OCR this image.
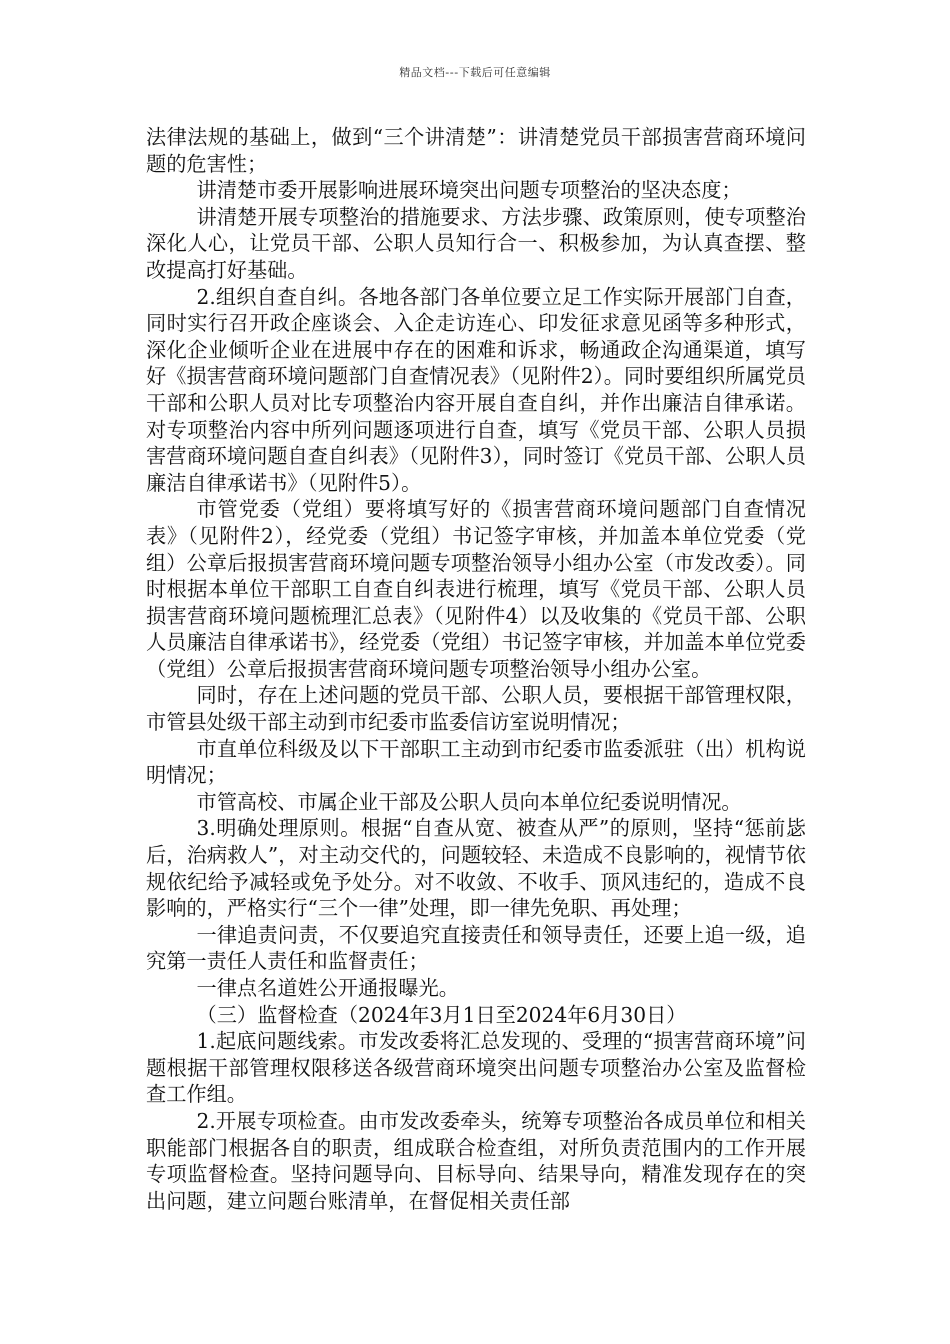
精品文档---下载后可任意编辑

法律法规的基础上，做到“三个讲清楚”：讲清楚党员干部损害营商环境问题的危害性；

讲清楚市委开展影响进展环境突出问题专项整治的坚决态度；

讲清楚开展专项整治的措施要求、方法步骤、政策原则，使专项整治深化人心，让党员干部、公职人员知行合一、积极参加，为认真查摆、整改提高打好基础。

2.组织自查自纠。各地各部门各单位要立足工作实际开展部门自查，同时实行召开政企座谈会、入企走访连心、印发征求意见函等多种形式，深化企业倾听企业在进展中存在的困难和诉求，畅通政企沟通渠道，填写好《损害营商环境问题部门自查情况表》（见附件2）。同时要组织所属党员干部和公职人员对比专项整治内容开展自查自纠，并作出廉洁自律承诺。对专项整治内容中所列问题逐项进行自查，填写《党员干部、公职人员损害营商环境问题自查自纠表》（见附件3），同时签订《党员干部、公职人员廉洁自律承诺书》（见附件5）。

市管党委（党组）要将填写好的《损害营商环境问题部门自查情况表》（见附件2），经党委（党组）书记签字审核，并加盖本单位党委（党组）公章后报损害营商环境问题专项整治领导小组办公室（市发改委）。同时根据本单位干部职工自查自纠表进行梳理，填写《党员干部、公职人员损害营商环境问题梳理汇总表》（见附件4）以及收集的《党员干部、公职人员廉洁自律承诺书》，经党委（党组）书记签字审核，并加盖本单位党委（党组）公章后报损害营商环境问题专项整治领导小组办公室。

同时，存在上述问题的党员干部、公职人员，要根据干部管理权限，市管县处级干部主动到市纪委市监委信访室说明情况；

市直单位科级及以下干部职工主动到市纪委市监委派驻（出）机构说明情况；

市管高校、市属企业干部及公职人员向本单位纪委说明情况。

3.明确处理原则。根据“自查从宽、被查从严”的原则，坚持“惩前毖后，治病救人”，对主动交代的，问题较轻、未造成不良影响的，视情节依规依纪给予减轻或免予处分。对不收敛、不收手、顶风违纪的，造成不良影响的，严格实行“三个一律”处理，即一律先免职、再处理；

一律追责问责，不仅要追究直接责任和领导责任，还要上追一级，追究第一责任人责任和监督责任；

一律点名道姓公开通报曝光。

（三）监督检查（2024年3月1日至2024年6月30日）

1.起底问题线索。市发改委将汇总发现的、受理的“损害营商环境”问题根据干部管理权限移送各级营商环境突出问题专项整治办公室及监督检查工作组。

2.开展专项检查。由市发改委牵头，统筹专项整治各成员单位和相关职能部门根据各自的职责，组成联合检查组，对所负责范围内的工作开展专项监督检查。坚持问题导向、目标导向、结果导向，精准发现存在的突出问题，建立问题台账清单，在督促相关责任部
